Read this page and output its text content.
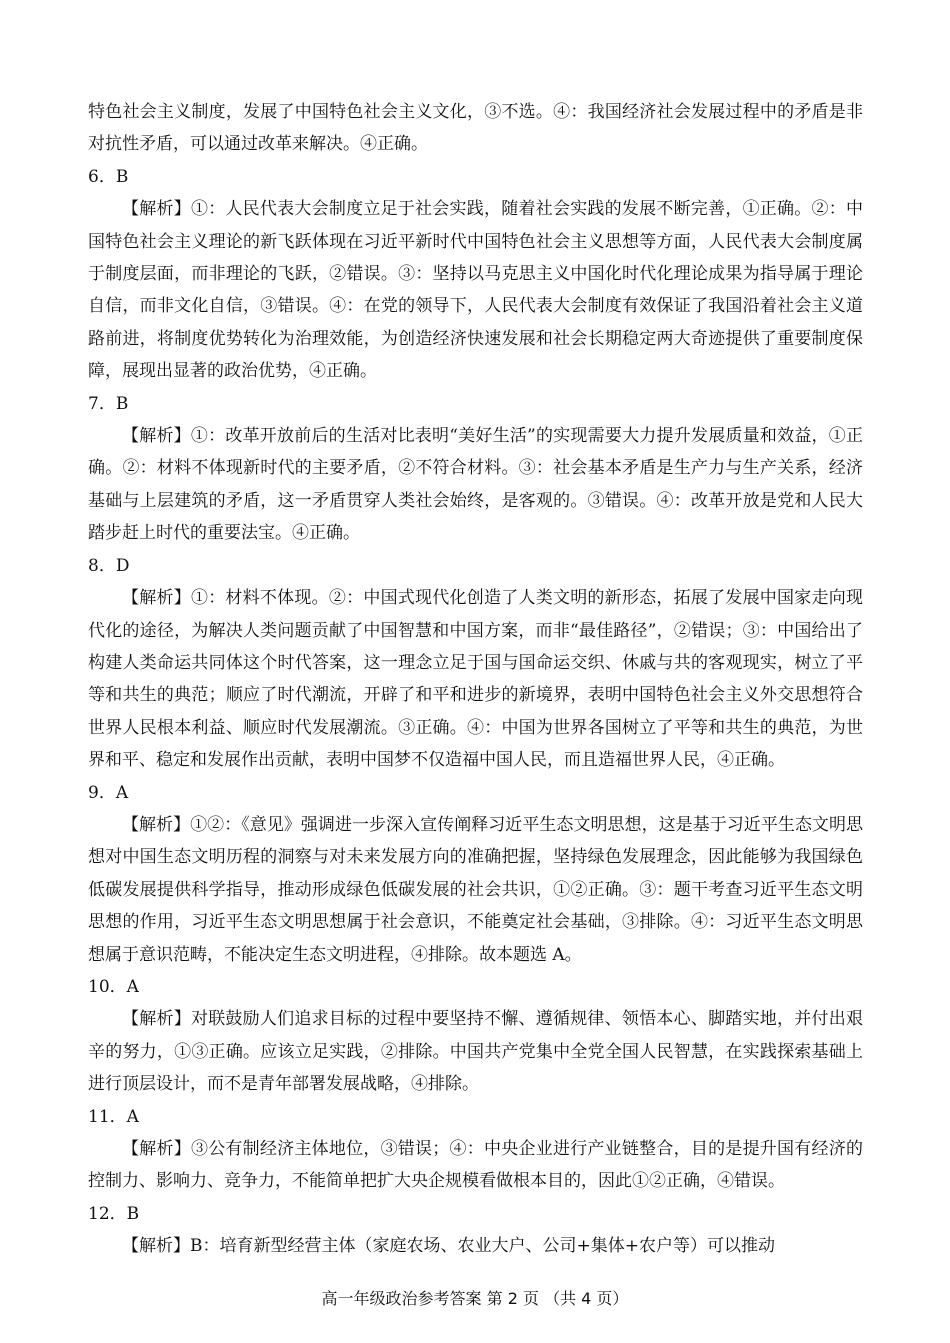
特色社会主义制度，发展了中国特色社会主义文化，③不选。④：我国经济社会发展过程中的矛盾是非对抗性矛盾，可以通过改革来解决。④正确。

6．B

【解析】①：人民代表大会制度立足于社会实践，随着社会实践的发展不断完善，①正确。②：中国特色社会主义理论的新飞跃体现在习近平新时代中国特色社会主义思想等方面，人民代表大会制度属于制度层面，而非理论的飞跃，②错误。③：坚持以马克思主义中国化时代化理论成果为指导属于理论自信，而非文化自信，③错误。④：在党的领导下，人民代表大会制度有效保证了我国沿着社会主义道路前进，将制度优势转化为治理效能，为创造经济快速发展和社会长期稳定两大奇迹提供了重要制度保障，展现出显著的政治优势，④正确。

7．B

【解析】①：改革开放前后的生活对比表明“美好生活”的实现需要大力提升发展质量和效益，①正确。②：材料不体现新时代的主要矛盾，②不符合材料。③：社会基本矛盾是生产力与生产关系，经济基础与上层建筑的矛盾，这一矛盾贯穿人类社会始终，是客观的。③错误。④：改革开放是党和人民大踏步赶上时代的重要法宝。④正确。

8．D

【解析】①：材料不体现。②：中国式现代化创造了人类文明的新形态，拓展了发展中国家走向现代化的途径，为解决人类问题贡献了中国智慧和中国方案，而非“最佳路径”，②错误；③：中国给出了构建人类命运共同体这个时代答案，这一理念立足于国与国命运交织、休戚与共的客观现实，树立了平等和共生的典范；顺应了时代潮流，开辟了和平和进步的新境界，表明中国特色社会主义外交思想符合世界人民根本利益、顺应时代发展潮流。③正确。④：中国为世界各国树立了平等和共生的典范，为世界和平、稳定和发展作出贡献，表明中国梦不仅造福中国人民，而且造福世界人民，④正确。

9．A

【解析】①②：《意见》强调进一步深入宣传阐释习近平生态文明思想，这是基于习近平生态文明思想对中国生态文明历程的洞察与对未来发展方向的准确把握，坚持绿色发展理念，因此能够为我国绿色低碳发展提供科学指导，推动形成绿色低碳发展的社会共识，①②正确。③：题干考查习近平生态文明思想的作用，习近平生态文明思想属于社会意识，不能奠定社会基础，③排除。④：习近平生态文明思想属于意识范畴，不能决定生态文明进程，④排除。故本题选 A。

10．A

【解析】对联鼓励人们追求目标的过程中要坚持不懈、遵循规律、领悟本心、脚踏实地，并付出艰辛的努力，①③正确。应该立足实践，②排除。中国共产党集中全党全国人民智慧，在实践探索基础上进行顶层设计，而不是青年部署发展战略，④排除。

11．A

【解析】③公有制经济主体地位，③错误；④：中央企业进行产业链整合，目的是提升国有经济的控制力、影响力、竞争力，不能简单把扩大央企规模看做根本目的，因此①②正确，④错误。

12．B

【解析】B：培育新型经营主体（家庭农场、农业大户、公司+集体+农户等）可以推动

高一年级政治参考答案 第 2 页 （共 4 页）
